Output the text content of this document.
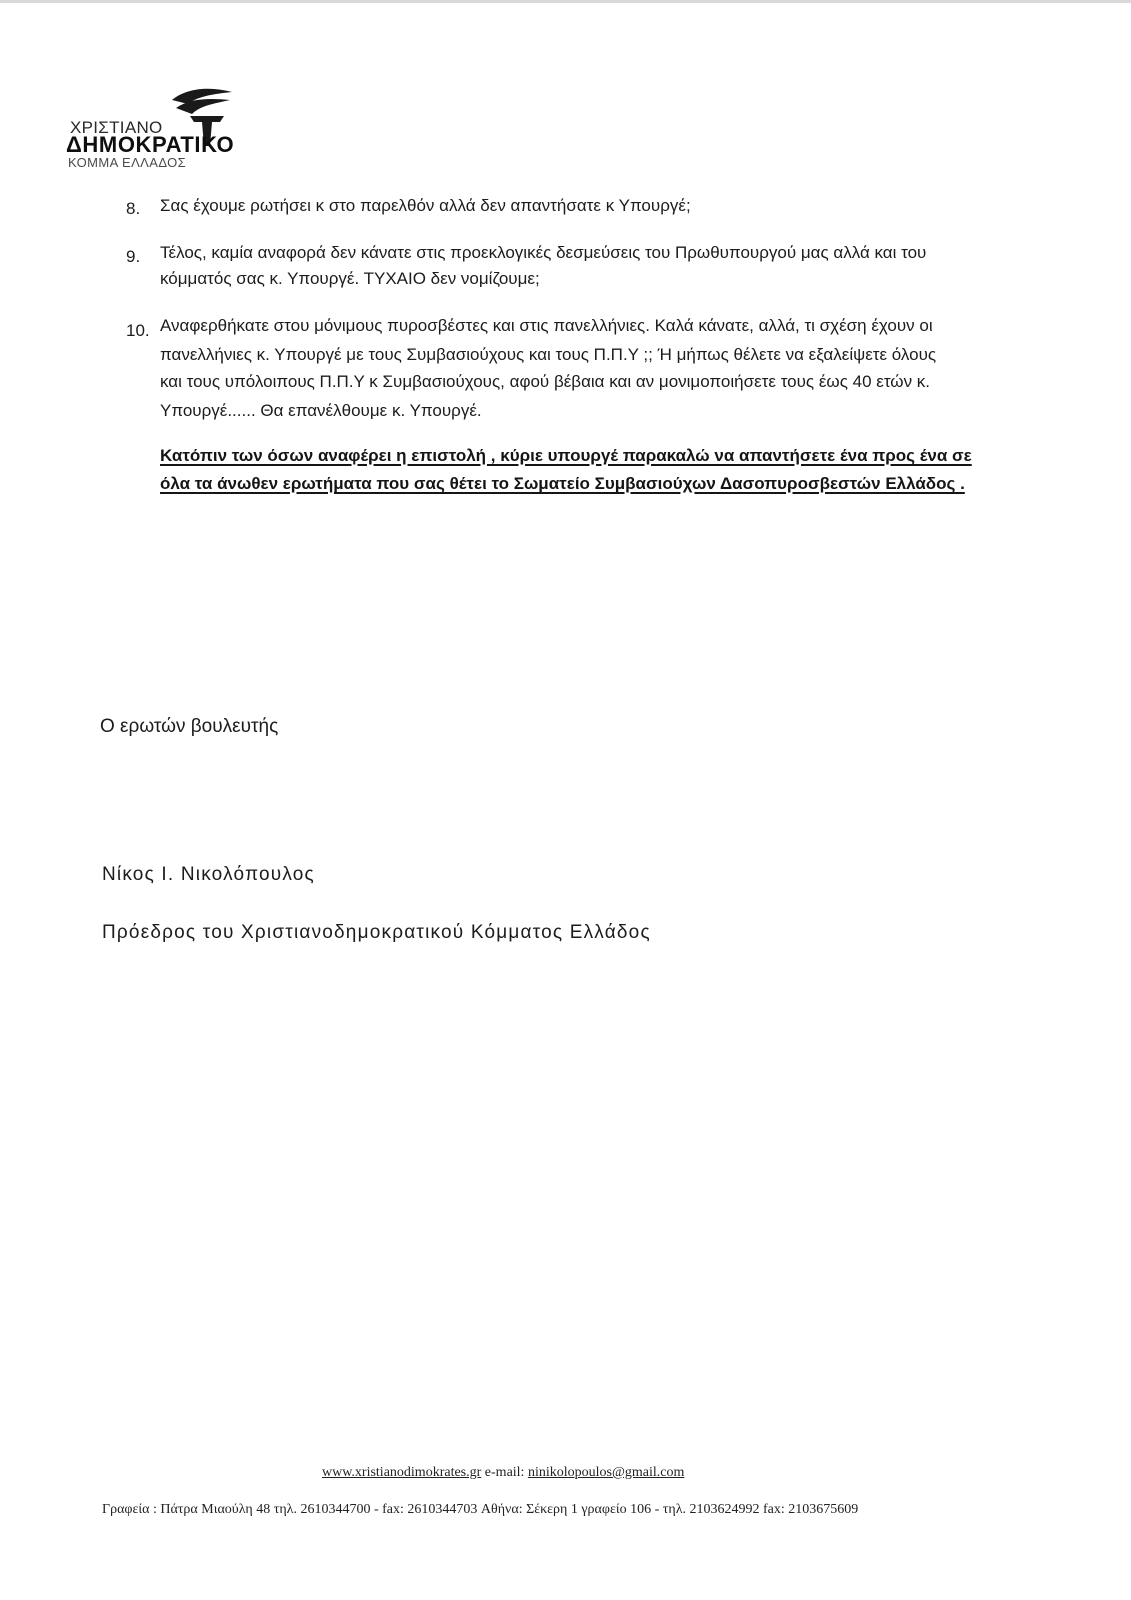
ΧΡΙΣΤΙΑΝΟ
ΔΗΜΟΚΡΑΤΙΚΟ
ΚΟΜΜΑ ΕΛΛΑΔΟΣ
8. Σας έχουμε ρωτήσει κ στο παρελθόν αλλά δεν απαντήσατε κ Υπουργέ;
9. Τέλος, καμία αναφορά δεν κάνατε στις προεκλογικές δεσμεύσεις του Πρωθυπουργού μας αλλά και του
κόμματός σας κ. Υπουργέ. ΤΥΧΑΙΟ δεν νομίζουμε;
10. Αναφερθήκατε στου μόνιμους πυροσβέστες και στις πανελλήνιες. Καλά κάνατε, αλλά, τι σχέση έχουν οι
πανελλήνιες κ. Υπουργέ με τους Συμβασιούχους και τους Π.Π.Υ ;; Ή μήπως θέλετε να εξαλείψετε όλους
και τους υπόλοιπους Π.Π.Υ κ Συμβασιούχους, αφού βέβαια και αν μονιμοποιήσετε τους έως 40 ετών κ.
Υπουργέ...... Θα επανέλθουμε κ. Υπουργέ.
Κατόπιν των όσων αναφέρει η επιστολή , κύριε υπουργέ παρακαλώ να απαντήσετε ένα προς ένα σε
όλα τα άνωθεν ερωτήματα που σας θέτει το Σωματείο Συμβασιούχων Δασοπυροσβεστών Ελλάδος .
Ο ερωτών βουλευτής
Νίκος Ι. Νικολόπουλος
Πρόεδρος του Χριστιανοδημοκρατικού Κόμματος Ελλάδος
www.xristianodimokrates.gr e-mail: ninikolopoulos@gmail.com
Γραφεία : Πάτρα Μιαούλη 48 τηλ. 2610344700 - fax: 2610344703 Αθήνα: Σέκερη 1 γραφείο 106 - τηλ. 2103624992 fax: 2103675609
